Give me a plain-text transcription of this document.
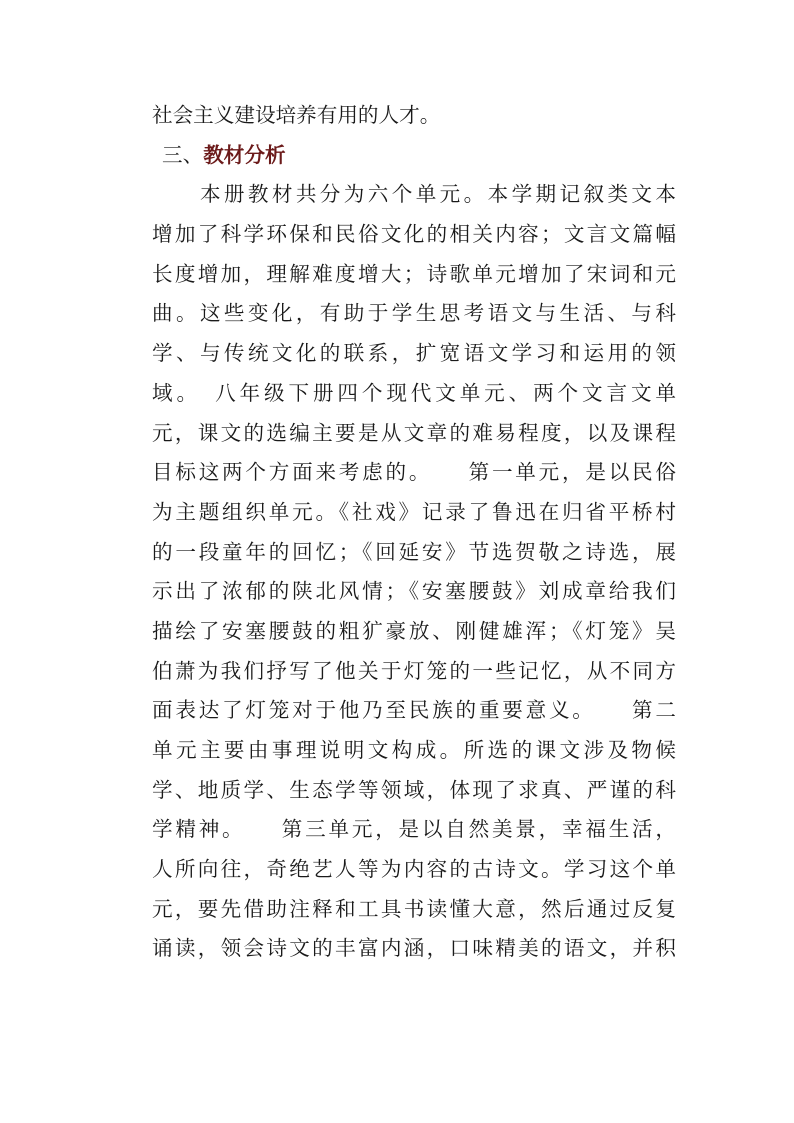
社会主义建设培养有用的人才。
三、教材分析
　　本册教材共分为六个单元。本学期记叙类文本
增加了科学环保和民俗文化的相关内容；文言文篇幅
长度增加，理解难度增大；诗歌单元增加了宋词和元
曲。这些变化，有助于学生思考语文与生活、与科
学、与传统文化的联系，扩宽语文学习和运用的领
域。　八年级下册四个现代文单元、两个文言文单
元，课文的选编主要是从文章的难易程度，以及课程
目标这两个方面来考虑的。　　第一单元，是以民俗
为主题组织单元。《社戏》记录了鲁迅在归省平桥村
的一段童年的回忆；《回延安》节选贺敬之诗选，展
示出了浓郁的陕北风情；《安塞腰鼓》刘成章给我们
描绘了安塞腰鼓的粗犷豪放、刚健雄浑；《灯笼》吴
伯萧为我们抒写了他关于灯笼的一些记忆，从不同方
面表达了灯笼对于他乃至民族的重要意义。　　第二
单元主要由事理说明文构成。所选的课文涉及物候
学、地质学、生态学等领域，体现了求真、严谨的科
学精神。　　第三单元，是以自然美景，幸福生活，
人所向往，奇绝艺人等为内容的古诗文。学习这个单
元，要先借助注释和工具书读懂大意，然后通过反复
诵读，领会诗文的丰富内涵，口味精美的语文，并积
